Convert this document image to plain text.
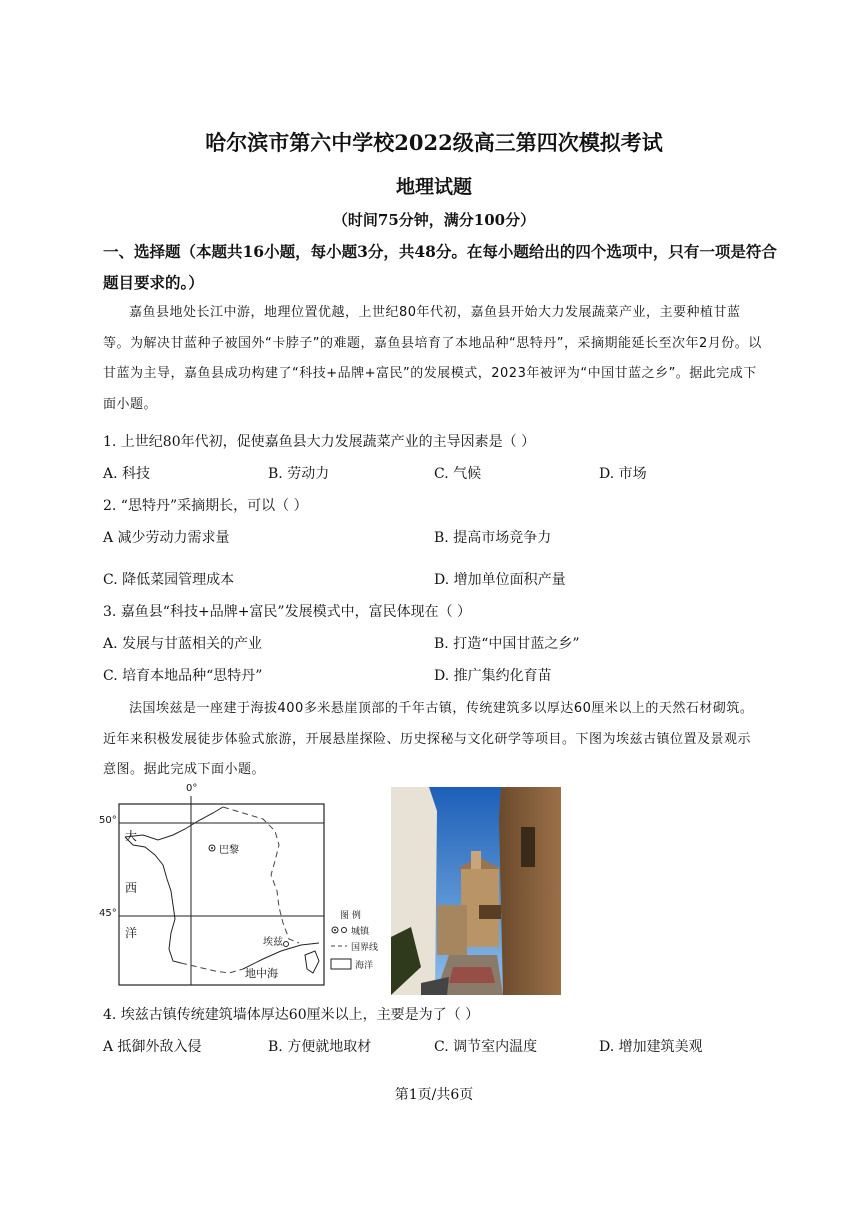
哈尔滨市第六中学校2022级高三第四次模拟考试
地理试题
（时间75分钟，满分100分）
一、选择题（本题共16小题，每小题3分，共48分。在每小题给出的四个选项中，只有一项是符合题目要求的。）
嘉鱼县地处长江中游，地理位置优越，上世纪80年代初，嘉鱼县开始大力发展蔬菜产业，主要种植甘蓝等。为解决甘蓝种子被国外“卡脖子”的难题，嘉鱼县培育了本地品种“思特丹”，采摘期能延长至次年2月份。以甘蓝为主导，嘉鱼县成功构建了“科技+品牌+富民”的发展模式，2023年被评为“中国甘蓝之乡”。据此完成下面小题。
1. 上世纪80年代初，促使嘉鱼县大力发展蔬菜产业的主导因素是（ ）
A. 科技	B. 劳动力	C. 气候	D. 市场
2. “思特丹”采摘期长，可以（ ）
A 减少劳动力需求量	B. 提高市场竞争力
C. 降低菜园管理成本	D. 增加单位面积产量
3. 嘉鱼县“科技+品牌+富民”发展模式中，富民体现在（ ）
A. 发展与甘蓝相关的产业	B. 打造“中国甘蓝之乡”
C. 培育本地品种“思特丹”	D. 推广集约化育苗
法国埃兹是一座建于海拔400多米悬崖顶部的千年古镇，传统建筑多以厚达60厘米以上的天然石材砌筑。近年来积极发展徒步体验式旅游，开展悬崖探险、历史探秘与文化研学等项目。下图为埃兹古镇位置及景观示意图。据此完成下面小题。
0°
50°
45°
大
西
洋
巴黎
埃兹
地中海
图 例
城镇
国界线
海洋
4. 埃兹古镇传统建筑墙体厚达60厘米以上，主要是为了（ ）
A 抵御外敌入侵	B. 方便就地取材	C. 调节室内温度	D. 增加建筑美观
第1页/共6页
